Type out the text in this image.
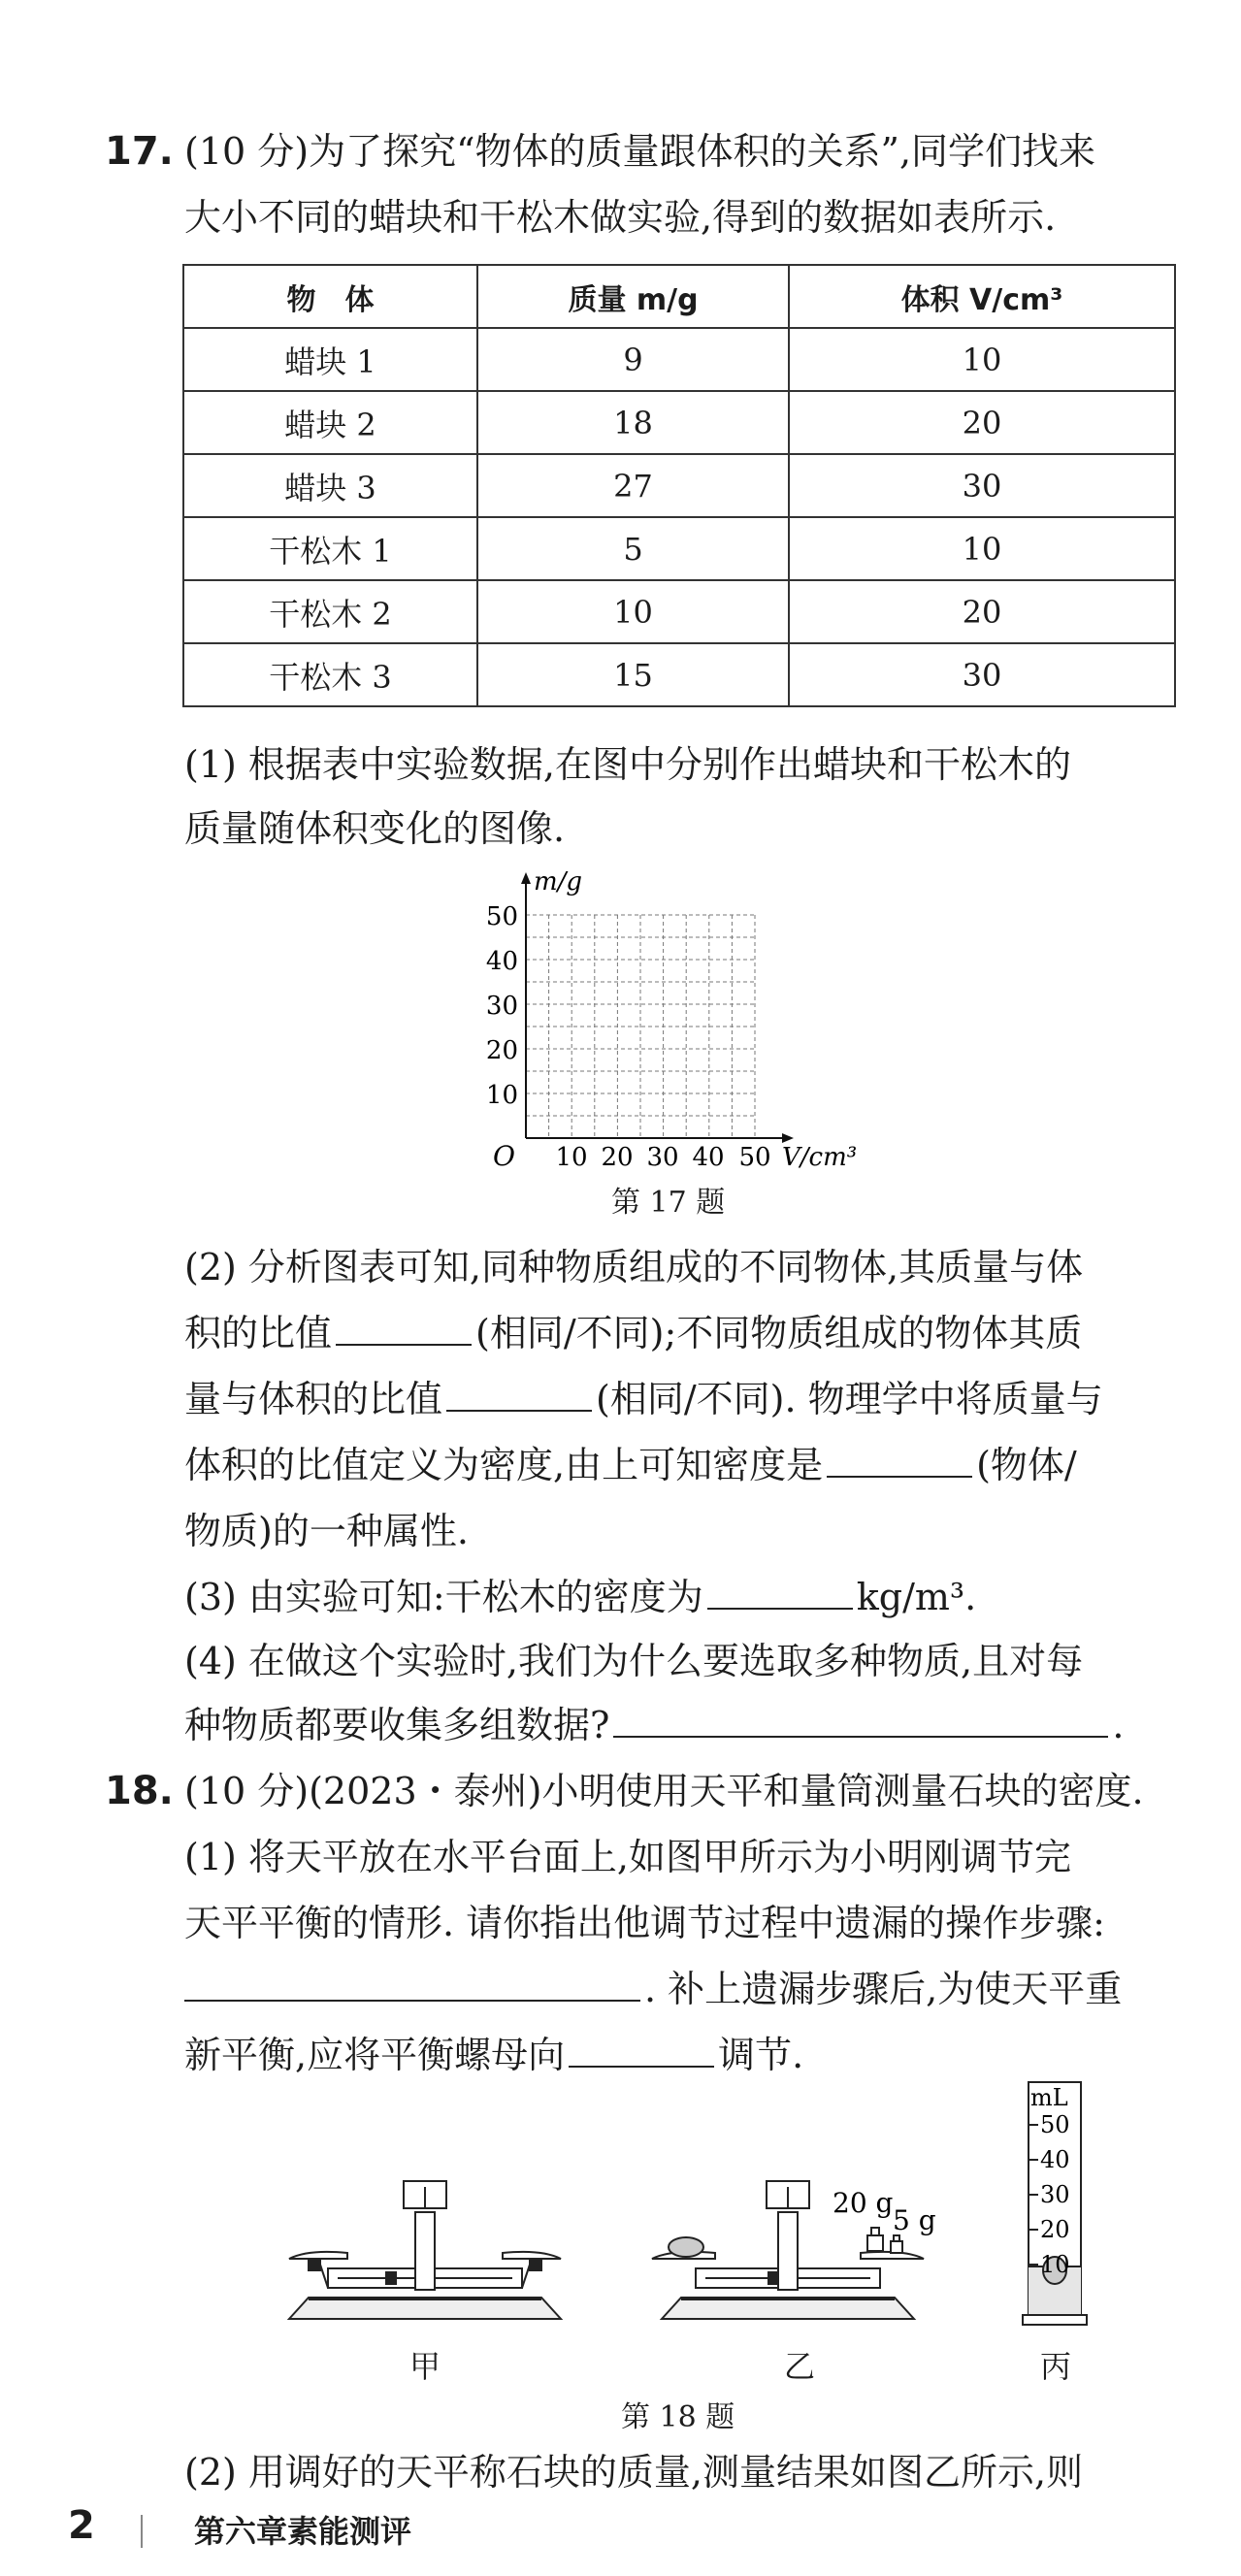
17. (10 分)为了探究“物体的质量跟体积的关系”,同学们找来
大小不同的蜡块和干松木做实验,得到的数据如表所示.
物　体	质量 m/g	体积 V/cm³
蜡块 1	9	10
蜡块 2	18	20
蜡块 3	27	30
干松木 1	5	10
干松木 2	10	20
干松木 3	15	30
(1) 根据表中实验数据,在图中分别作出蜡块和干松木的
质量随体积变化的图像.
m/g
O	V/cm³
10
20
30
40
50
10 20 30 40 50
第 17 题
(2) 分析图表可知,同种物质组成的不同物体,其质量与体
积的比值	(相同/不同);不同物质组成的物体其质
量与体积的比值	(相同/不同). 物理学中将质量与
体积的比值定义为密度,由上可知密度是	(物体/
物质)的一种属性.
(3) 由实验可知:干松木的密度为	kg/m³.
(4) 在做这个实验时,我们为什么要选取多种物质,且对每
种物质都要收集多组数据?	.
18. (10 分)(2023・泰州)小明使用天平和量筒测量石块的密度.
(1) 将天平放在水平台面上,如图甲所示为小明刚调节完
天平平衡的情形. 请你指出他调节过程中遗漏的操作步骤:
. 补上遗漏步骤后,为使天平重
新平衡,应将平衡螺母向	调节.
甲
20 g
5 g
乙
mL
50
40
30
20
10
丙
第 18 题
(2) 用调好的天平称石块的质量,测量结果如图乙所示,则
2	第六章素能测评
